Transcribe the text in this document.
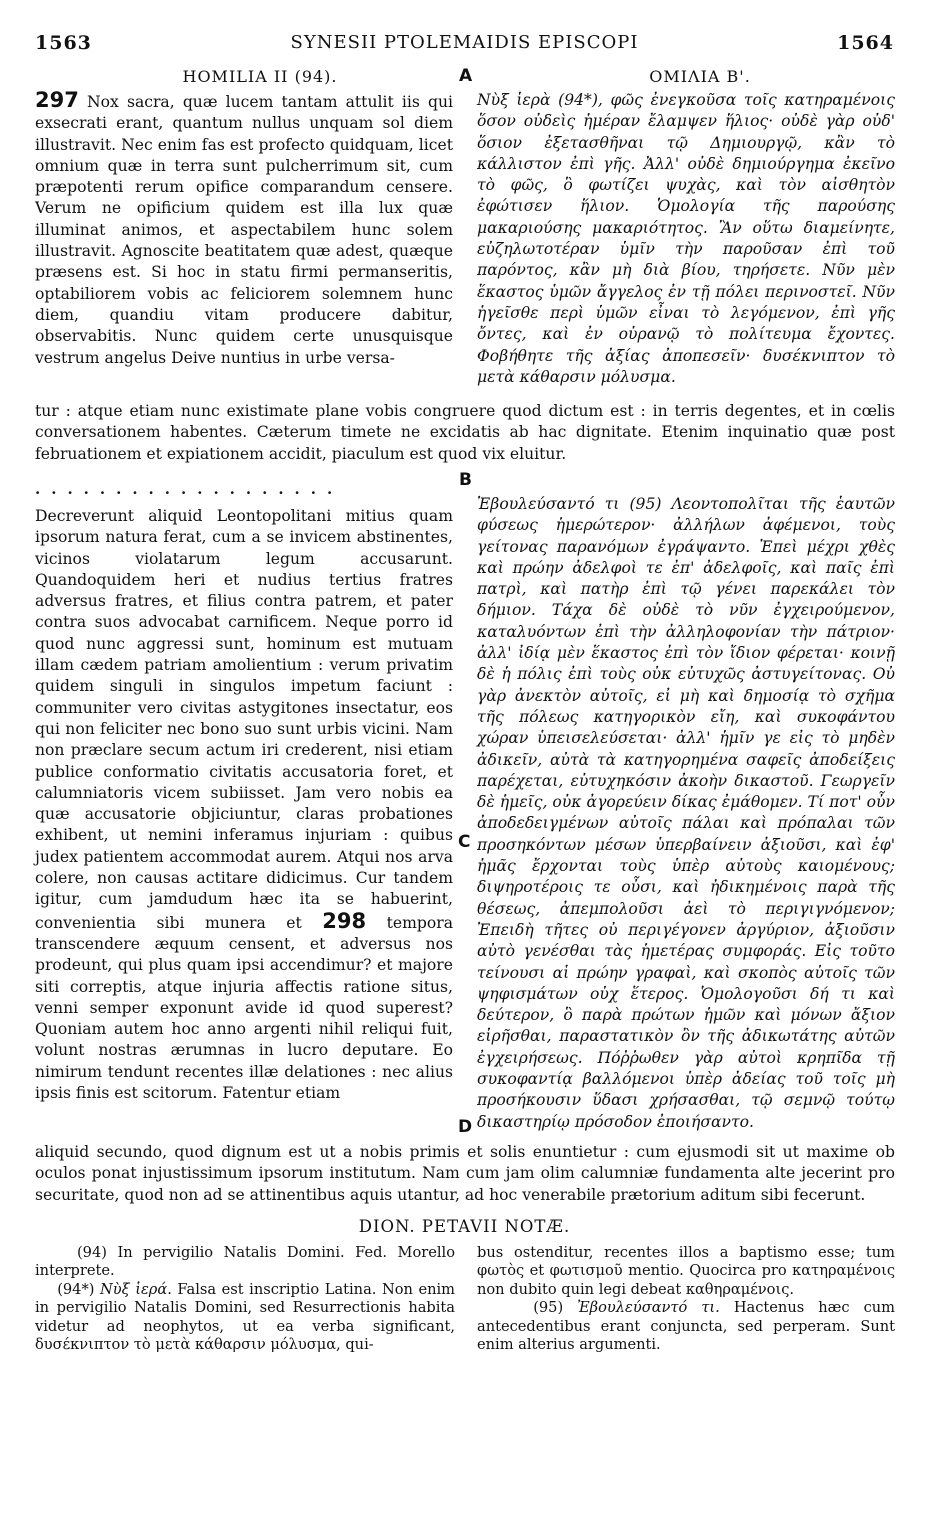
1563	SYNESII PTOLEMAIDIS EPISCOPI	1564
HOMILIA II (94).	A	ΟΜΙΛΙΑ Β'.

297 Nox sacra, quæ lucem tantam attulit iis qui exsecrati erant, quantum nullus unquam sol diem illustravit. Nec enim fas est profecto quidquam, licet omnium quæ in terra sunt pulcherrimum sit, cum præpotenti rerum opifice comparandum censere. Verum ne opificium quidem est illa lux quæ illuminat animos, et aspectabilem hunc solem illustravit. Agnoscite beatitatem quæ adest, quæque præsens est. Si hoc in statu firmi permanseritis, optabiliorem vobis ac feliciorem solemnem hunc diem, quandiu vitam producere dabitur, observabitis. Nunc quidem certe unusquisque vestrum angelus Deive nuntius in urbe versa-

Νὺξ ἱερὰ (94*), φῶς ἐνεγκοῦσα τοῖς κατηραμένοις ὅσον οὐδεὶς ἡμέραν ἔλαμψεν ἥλιος· οὐδὲ γὰρ οὐδ' ὅσιον ἐξετασθῆναι τῷ Δημιουργῷ, κἂν τὸ κάλλιστον ἐπὶ γῆς. Ἀλλ' οὐδὲ δημιούργημα ἐκεῖνο τὸ φῶς, ὃ φωτίζει ψυχὰς, καὶ τὸν αἰσθητὸν ἐφώτισεν ἥλιον. Ὁμολογία τῆς παρούσης μακαριούσης μακαριότητος. Ἂν οὕτω διαμείνητε, εὐζηλωτοτέραν ὑμῖν τὴν παροῦσαν ἐπὶ τοῦ παρόντος, κἂν μὴ διὰ βίου, τηρήσετε. Νῦν μὲν ἕκαστος ὑμῶν ἄγγελος ἐν τῇ πόλει περινοστεῖ. Νῦν ἡγεῖσθε περὶ ὑμῶν εἶναι τὸ λεγόμενον, ἐπὶ γῆς ὄντες, καὶ ἐν οὐρανῷ τὸ πολίτευμα ἔχοντες. Φοβήθητε τῆς ἀξίας ἀποπεσεῖν· δυσέκνιπτον τὸ μετὰ κάθαρσιν μόλυσμα.

tur : atque etiam nunc existimate plane vobis congruere quod dictum est : in terris degentes, et in cœlis conversationem habentes. Cæterum timete ne excidatis ab hac dignitate. Etenim inquinatio quæ post februationem et expiationem accidit, piaculum est quod vix eluitur.
...................	B

Decreverunt aliquid Leontopolitani mitius quam ipsorum natura ferat, cum a se invicem abstinentes, vicinos violatarum legum accusarunt. Quandoquidem heri et nudius tertius fratres adversus fratres, et filius contra patrem, et pater contra suos advocabat carnificem. Neque porro id quod nunc aggressi sunt, hominum est mutuam illam cædem patriam amolientium : verum privatim quidem singuli in singulos impetum faciunt : communiter vero civitas astygitones insectatur, eos qui non feliciter nec bono suo sunt urbis vicini. Nam non præclare secum actum iri crederent, nisi etiam publice conformatio civitatis accusatoria foret, et calumniatoris vicem subiisset. Jam vero nobis ea quæ accusatorie objiciuntur, claras probationes exhibent, ut nemini inferamus injuriam : quibus judex patientem accommodat aurem. Atqui nos arva colere, non causas actitare didicimus. Cur tandem igitur, cum jamdudum hæc ita se habuerint, convenientia sibi munera et 298 tempora transcendere æquum censent, et adversus nos prodeunt, qui plus quam ipsi accendimur? et majore siti correptis, atque injuria affectis ratione situs, venni semper exponunt avide id quod superest? Quoniam autem hoc anno argenti nihil reliqui fuit, volunt nostras ærumnas in lucro deputare. Eo nimirum tendunt recentes illæ delationes : nec alius ipsis finis est scitorum. Fatentur etiam

C
D

Ἐβουλεύσαντό τι (95) Λεοντοπολῖται τῆς ἑαυτῶν φύσεως ἡμερώτερον· ἀλλήλων ἀφέμενοι, τοὺς γείτονας παρανόμων ἐγράψαντο. Ἐπεὶ μέχρι χθὲς καὶ πρώην ἀδελφοὶ τε ἐπ' ἀδελφοῖς, καὶ παῖς ἐπὶ πατρὶ, καὶ πατὴρ ἐπὶ τῷ γένει παρεκάλει τὸν δήμιον. Τάχα δὲ οὐδὲ τὸ νῦν ἐγχειρούμενον, καταλυόντων ἐπὶ τὴν ἀλληλοφονίαν τὴν πάτριον· ἀλλ' ἰδίᾳ μὲν ἕκαστος ἐπὶ τὸν ἴδιον φέρεται· κοινῇ δὲ ἡ πόλις ἐπὶ τοὺς οὐκ εὐτυχῶς ἀστυγείτονας. Οὐ γὰρ ἀνεκτὸν αὐτοῖς, εἰ μὴ καὶ δημοσίᾳ τὸ σχῆμα τῆς πόλεως κατηγορικὸν εἴη, καὶ συκοφάντου χώραν ὑπεισελεύσεται· ἀλλ' ἡμῖν γε εἰς τὸ μηδὲν ἀδικεῖν, αὐτὰ τὰ κατηγορημένα σαφεῖς ἀποδείξεις παρέχεται, εὐτυχηκόσιν ἀκοὴν δικαστοῦ. Γεωργεῖν δὲ ἡμεῖς, οὐκ ἀγορεύειν δίκας ἐμάθομεν. Τί ποτ' οὖν ἀποδεδειγμένων αὐτοῖς πάλαι καὶ πρόπαλαι τῶν προσηκόντων μέσων ὑπερβαίνειν ἀξιοῦσι, καὶ ἐφ' ἡμᾶς ἔρχονται τοὺς ὑπὲρ αὐτοὺς καιομένους; διψηροτέροις τε οὖσι, καὶ ἠδικημένοις παρὰ τῆς θέσεως, ἀπεμπολοῦσι ἀεὶ τὸ περιγιγνόμενον; Ἐπειδὴ τῆτες οὐ περιγέγονεν ἀργύριον, ἀξιοῦσιν αὐτὸ γενέσθαι τὰς ἡμετέρας συμφοράς. Εἰς τοῦτο τείνουσι αἱ πρώην γραφαὶ, καὶ σκοπὸς αὐτοῖς τῶν ψηφισμάτων οὐχ ἕτερος. Ὁμολογοῦσι δή τι καὶ δεύτερον, ὃ παρὰ πρώτων ἡμῶν καὶ μόνων ἄξιον εἰρῆσθαι, παραστατικὸν ὂν τῆς ἀδικωτάτης αὐτῶν ἐγχειρήσεως. Πόῤῥωθεν γὰρ αὐτοὶ κρηπῖδα τῇ συκοφαντίᾳ βαλλόμενοι ὑπὲρ ἀδείας τοῦ τοῖς μὴ προσήκουσιν ὕδασι χρήσασθαι, τῷ σεμνῷ τούτῳ δικαστηρίῳ πρόσοδον ἐποιήσαντο.

aliquid secundo, quod dignum est ut a nobis primis et solis enuntietur : cum ejusmodi sit ut maxime ob oculos ponat injustissimum ipsorum institutum. Nam cum jam olim calumniæ fundamenta alte jecerint pro securitate, quod non ad se attinentibus aquis utantur, ad hoc venerabile prætorium aditum sibi fecerunt.
DION. PETAVII NOTÆ.

(94) In pervigilio Natalis Domini. Fed. Morello interprete.

(94*) Νὺξ ἱερά. Falsa est inscriptio Latina. Non enim in pervigilio Natalis Domini, sed Resurrectionis habita videtur ad neophytos, ut ea verba significant, δυσέκνιπτον τὸ μετὰ κάθαρσιν μόλυσμα, qui-

bus ostenditur, recentes illos a baptismo esse; tum φωτὸς et φωτισμοῦ mentio. Quocirca pro κατηραμένοις non dubito quin legi debeat καθηραμένοις.

(95) Ἐβουλεύσαντό τι. Hactenus hæc cum antecedentibus erant conjuncta, sed perperam. Sunt enim alterius argumenti.
